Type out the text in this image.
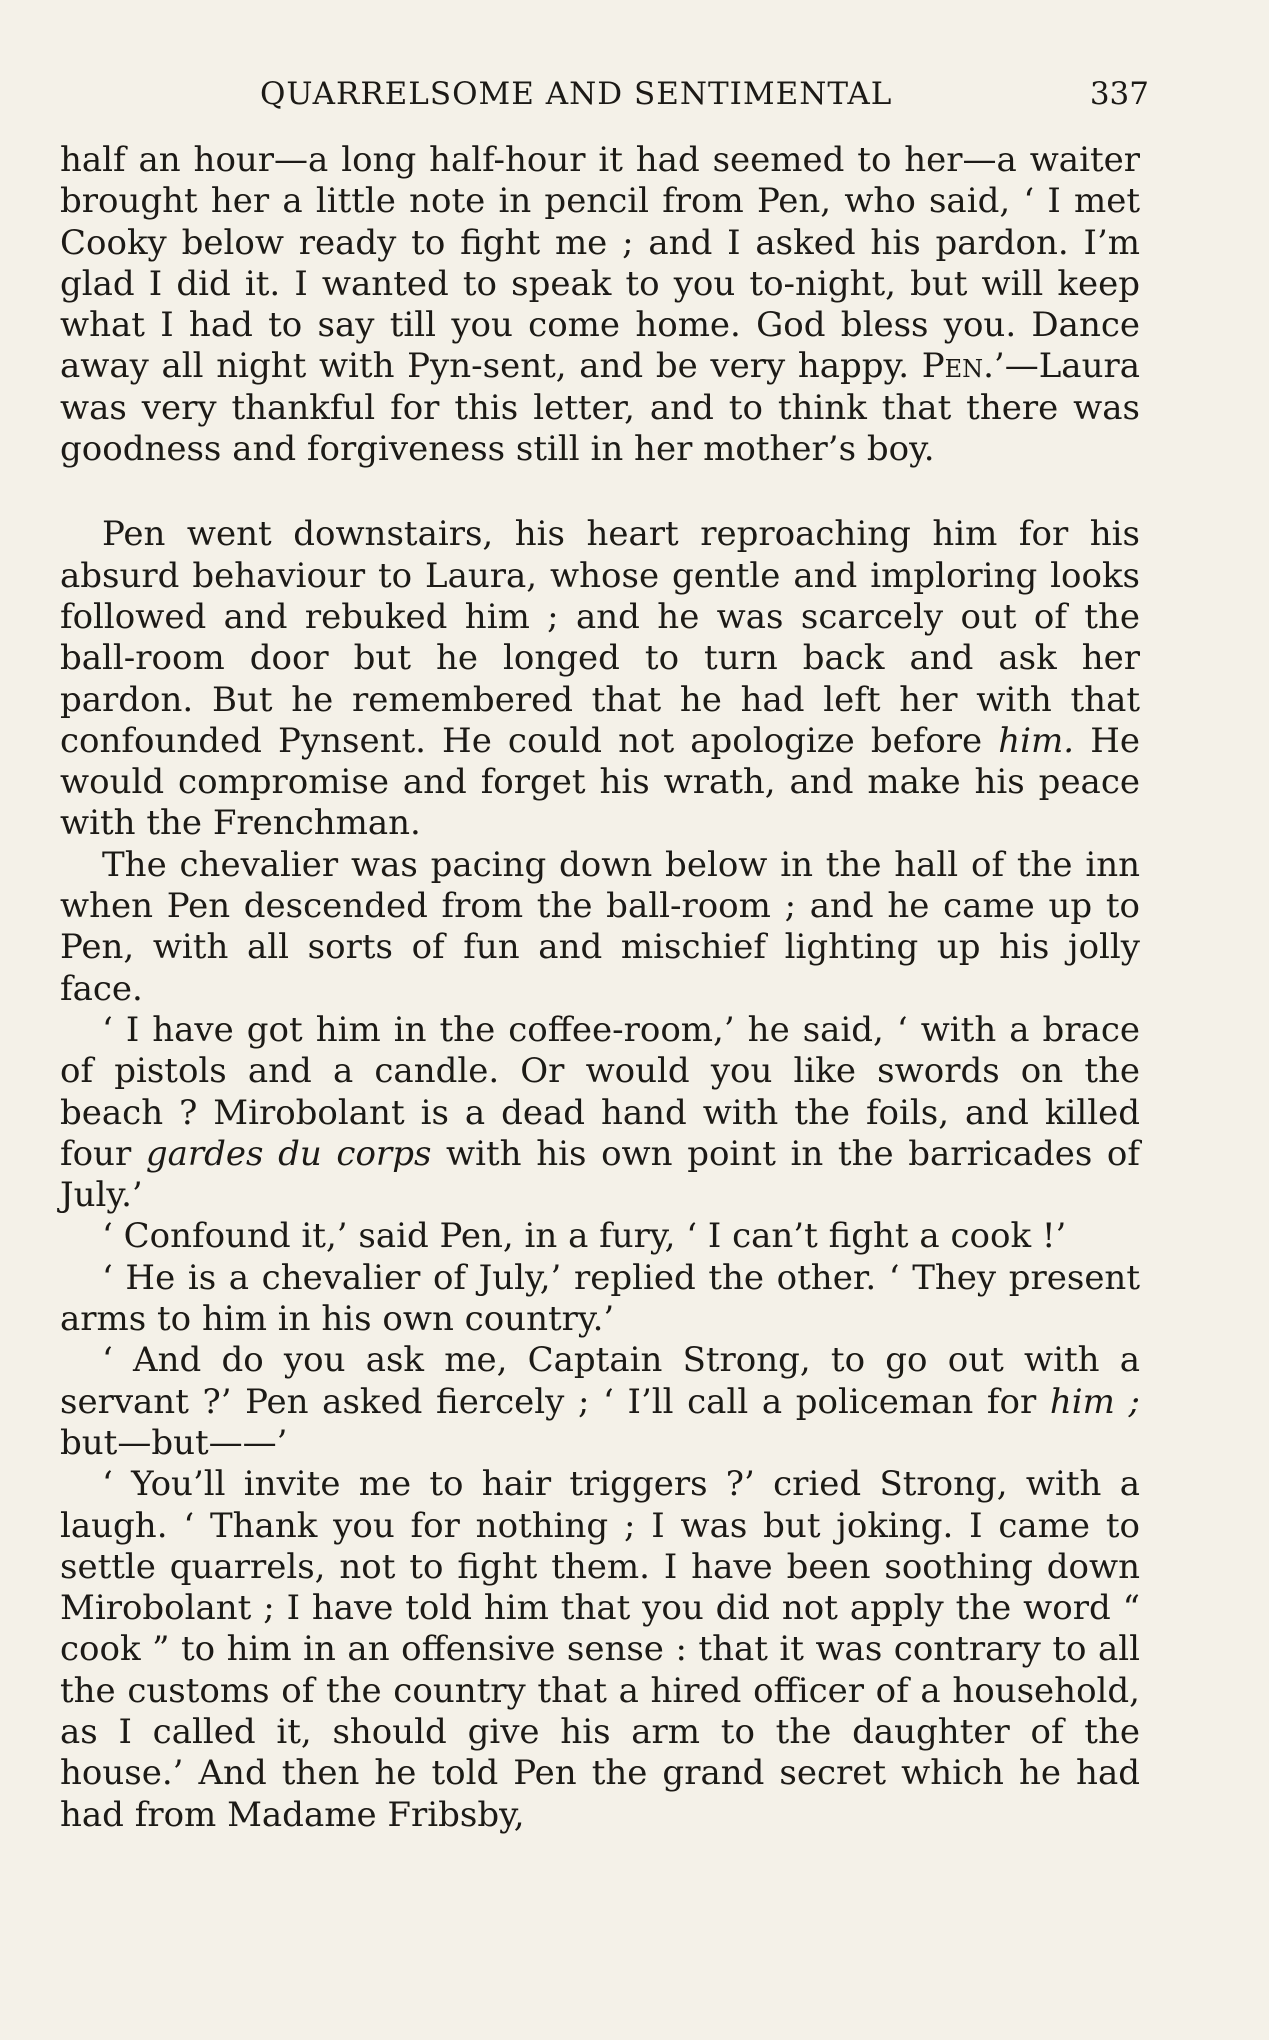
QUARRELSOME AND SENTIMENTAL	337

half an hour—a long half-hour it had seemed to her—a waiter brought her a little note in pencil from Pen, who said, ‘ I met Cooky below ready to fight me ; and I asked his pardon. I’m glad I did it. I wanted to speak to you to-night, but will keep what I had to say till you come home. God bless you. Dance away all night with Pyn-sent, and be very happy. Pen.’—Laura was very thankful for this letter, and to think that there was goodness and forgiveness still in her mother’s boy.

Pen went downstairs, his heart reproaching him for his absurd behaviour to Laura, whose gentle and imploring looks followed and rebuked him ; and he was scarcely out of the ball-room door but he longed to turn back and ask her pardon. But he remembered that he had left her with that confounded Pynsent. He could not apologize before him. He would compromise and forget his wrath, and make his peace with the Frenchman.

The chevalier was pacing down below in the hall of the inn when Pen descended from the ball-room ; and he came up to Pen, with all sorts of fun and mischief lighting up his jolly face.

‘ I have got him in the coffee-room,’ he said, ‘ with a brace of pistols and a candle. Or would you like swords on the beach ? Mirobolant is a dead hand with the foils, and killed four gardes du corps with his own point in the barricades of July.’

‘ Confound it,’ said Pen, in a fury, ‘ I can’t fight a cook !’

‘ He is a chevalier of July,’ replied the other. ‘ They present arms to him in his own country.’

‘ And do you ask me, Captain Strong, to go out with a servant ?’ Pen asked fiercely ; ‘ I’ll call a policeman for him ; but—but——’

‘ You’ll invite me to hair triggers ?’ cried Strong, with a laugh. ‘ Thank you for nothing ; I was but joking. I came to settle quarrels, not to fight them. I have been soothing down Mirobolant ; I have told him that you did not apply the word “ cook ” to him in an offensive sense : that it was contrary to all the customs of the country that a hired officer of a household, as I called it, should give his arm to the daughter of the house.’ And then he told Pen the grand secret which he had had from Madame Fribsby,
